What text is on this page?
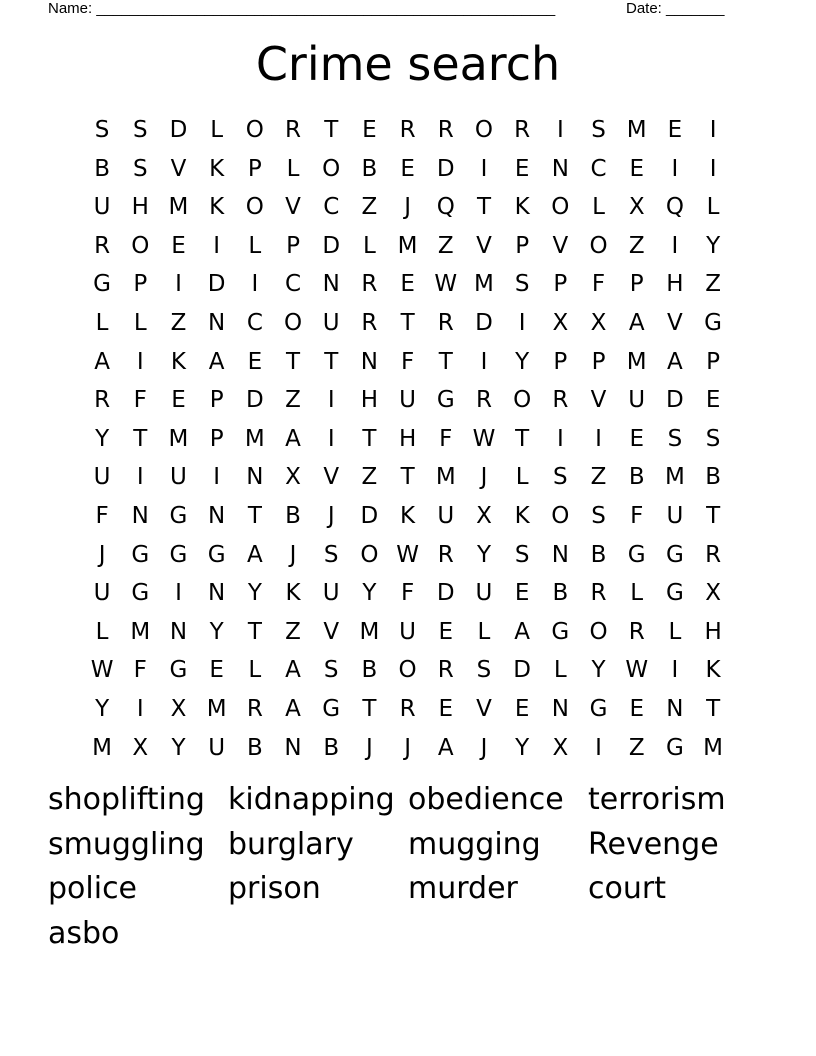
Name: _______________________________________________________	Date: _______
Crime search
S	S D L O R	T	E R R O R	I	S M E	I
B S	V K	P	L O B	E D	I	E N C E	I	I
U H M K O V C Z	J	Q T	K O L	X Q L
R O E	I	L	P D L M Z V	P	V O Z	I	Y
G P	I	D	I	C N R E W M S	P	F	P H Z
L	L	Z N C O U R	T	R D	I	X X A V G
A	I	K A	E	T	T N F	T	I	Y	P	P M A	P
R	F	E	P D Z	I	H U G R O R V U D E
Y	T M P M A	I	T H F W T	I	I	E	S	S
U	I	U	I	N X V Z	T M	J	L	S	Z B M B
F N G N T	B	J	D K U X K O S	F	U T
J	G G G A	J	S O W R	Y	S N B G G R
U G	I	N Y	K U Y	F D U E	B R	L G X
L M N Y	T	Z V M U E	L	A G O R	L	H
W F G E	L	A	S	B O R S D L	Y W	I	K
Y	I	X M R A G T	R E	V	E N G E N T
M X	Y U B N B	J	J	A	J	Y	X	I	Z G M
shoplifting kidnapping obedience terrorism
smuggling burglary	mugging	Revenge
police	prison	murder	court
asbo
